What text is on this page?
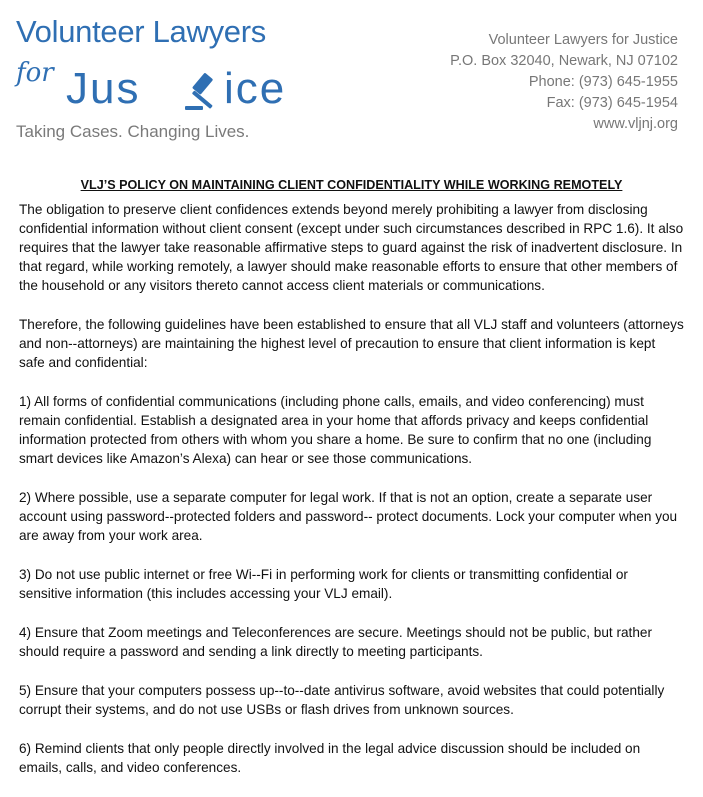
Volunteer Lawyers
for Jus ice
Taking Cases. Changing Lives.
Volunteer Lawyers for Justice
P.O. Box 32040, Newark, NJ 07102
Phone: (973) 645-1955
Fax: (973) 645-1954
www.vljnj.org
VLJ’S POLICY ON MAINTAINING CLIENT CONFIDENTIALITY WHILE WORKING REMOTELY

The obligation to preserve client confidences extends beyond merely prohibiting a lawyer from disclosing confidential information without client consent (except under such circumstances described in RPC 1.6). It also requires that the lawyer take reasonable affirmative steps to guard against the risk of inadvertent disclosure. In that regard, while working remotely, a lawyer should make reasonable efforts to ensure that other members of the household or any visitors thereto cannot access client materials or communications.

Therefore, the following guidelines have been established to ensure that all VLJ staff and volunteers (attorneys and non--attorneys) are maintaining the highest level of precaution to ensure that client information is kept safe and confidential:

1) All forms of confidential communications (including phone calls, emails, and video conferencing) must remain confidential. Establish a designated area in your home that affords privacy and keeps confidential information protected from others with whom you share a home. Be sure to confirm that no one (including smart devices like Amazon’s Alexa) can hear or see those communications.

2) Where possible, use a separate computer for legal work. If that is not an option, create a separate user account using password--protected folders and password-- protect documents. Lock your computer when you are away from your work area.

3) Do not use public internet or free Wi--Fi in performing work for clients or transmitting confidential or sensitive information (this includes accessing your VLJ email).

4) Ensure that Zoom meetings and Teleconferences are secure. Meetings should not be public, but rather should require a password and sending a link directly to meeting participants.

5) Ensure that your computers possess up--to--date antivirus software, avoid websites that could potentially corrupt their systems, and do not use USBs or flash drives from unknown sources.

6) Remind clients that only people directly involved in the legal advice discussion should be included on emails, calls, and video conferences.
